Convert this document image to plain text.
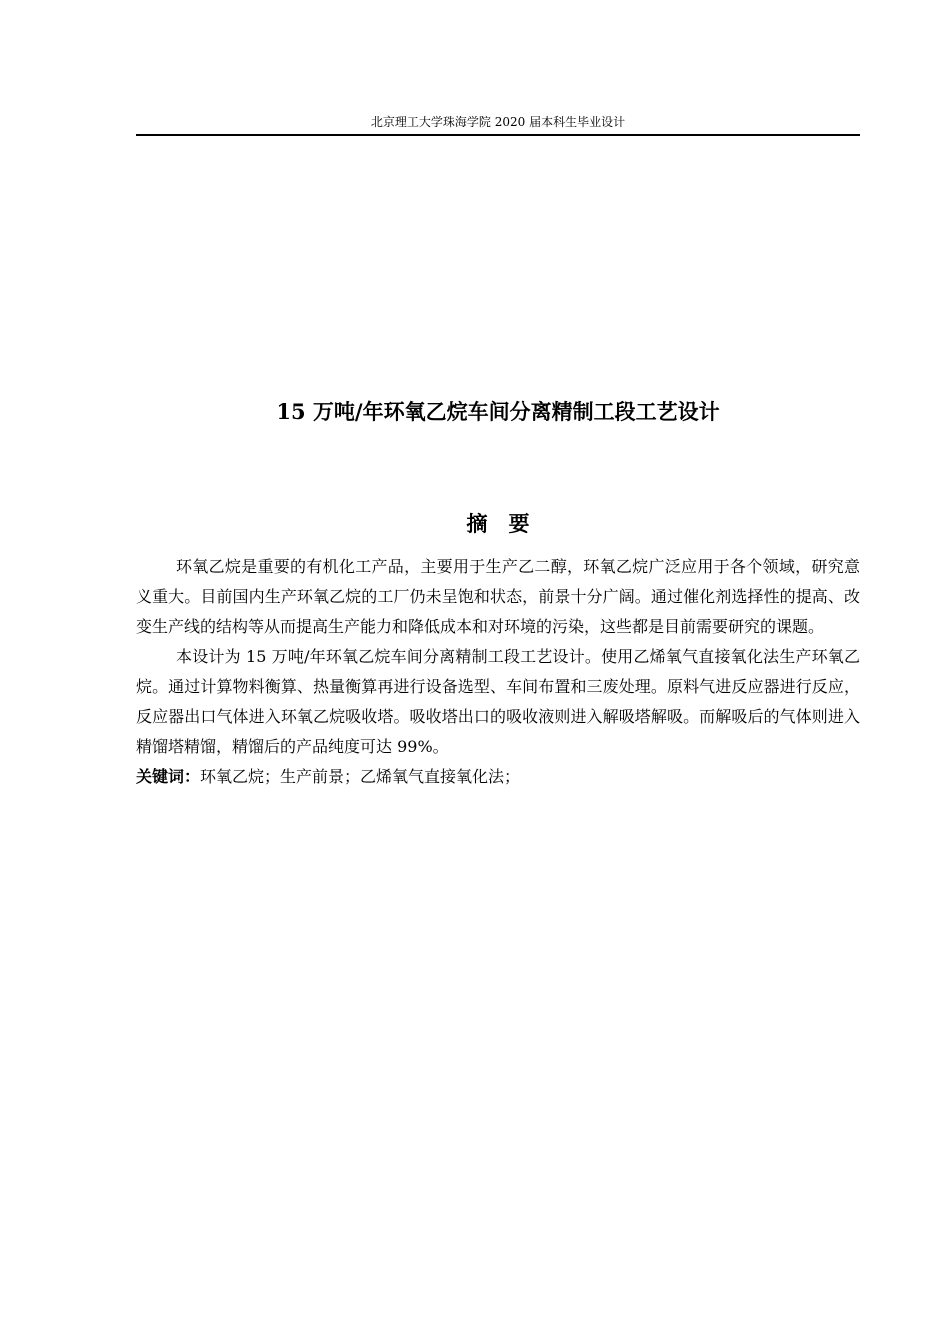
北京理工大学珠海学院 2020 届本科生毕业设计
15 万吨/年环氧乙烷车间分离精制工段工艺设计
摘要

环氧乙烷是重要的有机化工产品，主要用于生产乙二醇，环氧乙烷广泛应用于各个领域，研究意义重大。目前国内生产环氧乙烷的工厂仍未呈饱和状态，前景十分广阔。通过催化剂选择性的提高、改变生产线的结构等从而提高生产能力和降低成本和对环境的污染，这些都是目前需要研究的课题。

本设计为 15 万吨/年环氧乙烷车间分离精制工段工艺设计。使用乙烯氧气直接氧化法生产环氧乙烷。通过计算物料衡算、热量衡算再进行设备选型、车间布置和三废处理。原料气进反应器进行反应，反应器出口气体进入环氧乙烷吸收塔。吸收塔出口的吸收液则进入解吸塔解吸。而解吸后的气体则进入精馏塔精馏，精馏后的产品纯度可达 99%。

关键词：环氧乙烷；生产前景；乙烯氧气直接氧化法；
